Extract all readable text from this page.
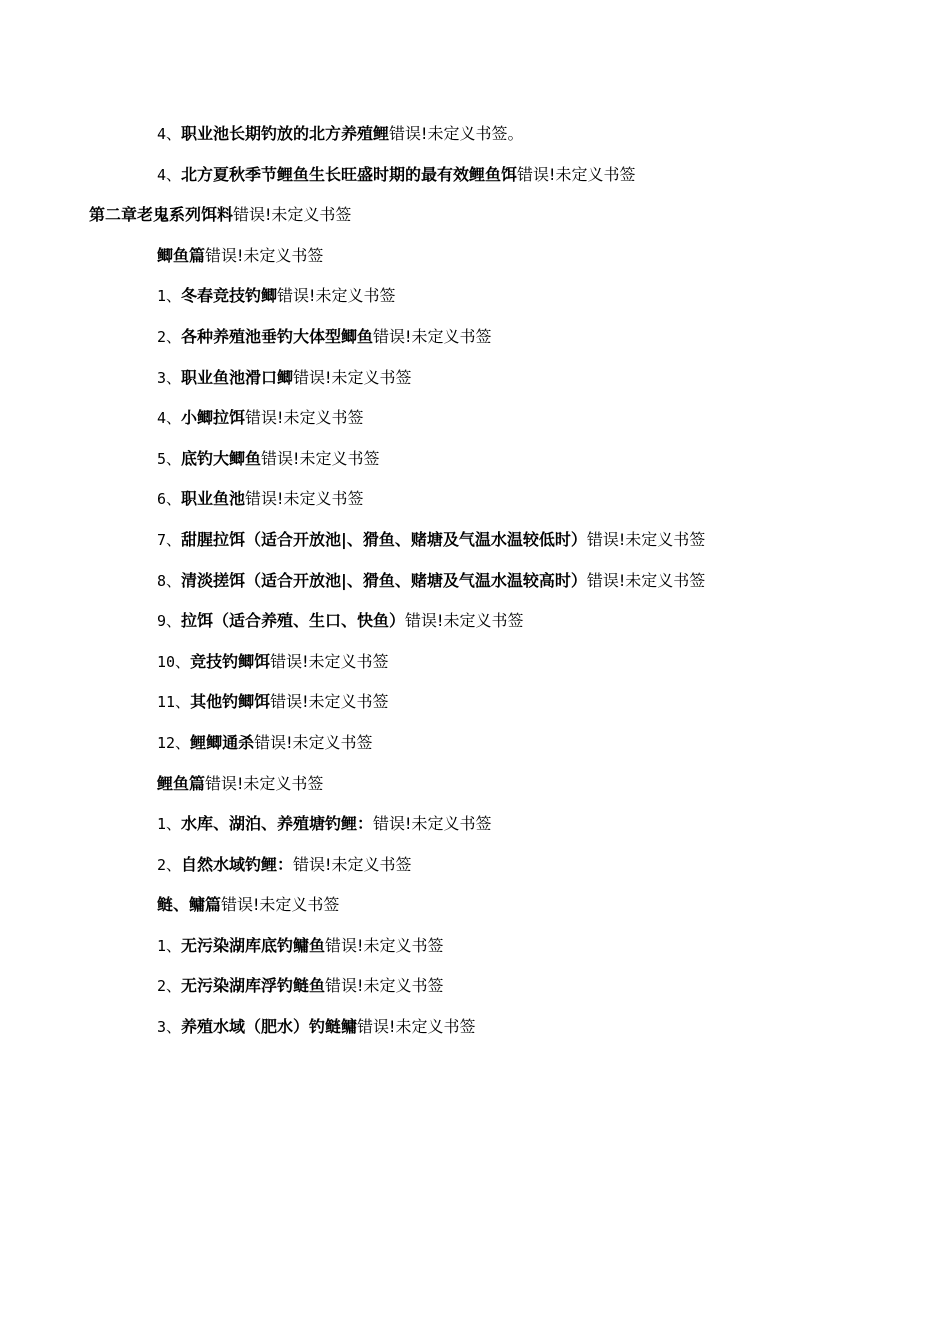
4、职业池长期钓放的北方养殖鲤错误!未定义书签。
4、北方夏秋季节鲤鱼生长旺盛时期的最有效鲤鱼饵错误!未定义书签
第二章老鬼系列饵料错误!未定义书签
鲫鱼篇错误!未定义书签
1、冬春竞技钓鲫错误!未定义书签
2、各种养殖池垂钓大体型鲫鱼错误!未定义书签
3、职业鱼池滑口鲫错误!未定义书签
4、小鲫拉饵错误!未定义书签
5、底钓大鲫鱼错误!未定义书签
6、职业鱼池错误!未定义书签
7、甜腥拉饵（适合开放池|、猾鱼、赌塘及气温水温较低时）错误!未定义书签
8、清淡搓饵（适合开放池|、猾鱼、赌塘及气温水温较高时）错误!未定义书签
9、拉饵（适合养殖、生口、快鱼）错误!未定义书签
10、竞技钓鲫饵错误!未定义书签
11、其他钓鲫饵错误!未定义书签
12、鲤鲫通杀错误!未定义书签
鲤鱼篇错误!未定义书签
1、水库、湖泊、养殖塘钓鲤：错误!未定义书签
2、自然水域钓鲤：错误!未定义书签
鲢、鳙篇错误!未定义书签
1、无污染湖库底钓鳙鱼错误!未定义书签
2、无污染湖库浮钓鲢鱼错误!未定义书签
3、养殖水域（肥水）钓鲢鳙错误!未定义书签
